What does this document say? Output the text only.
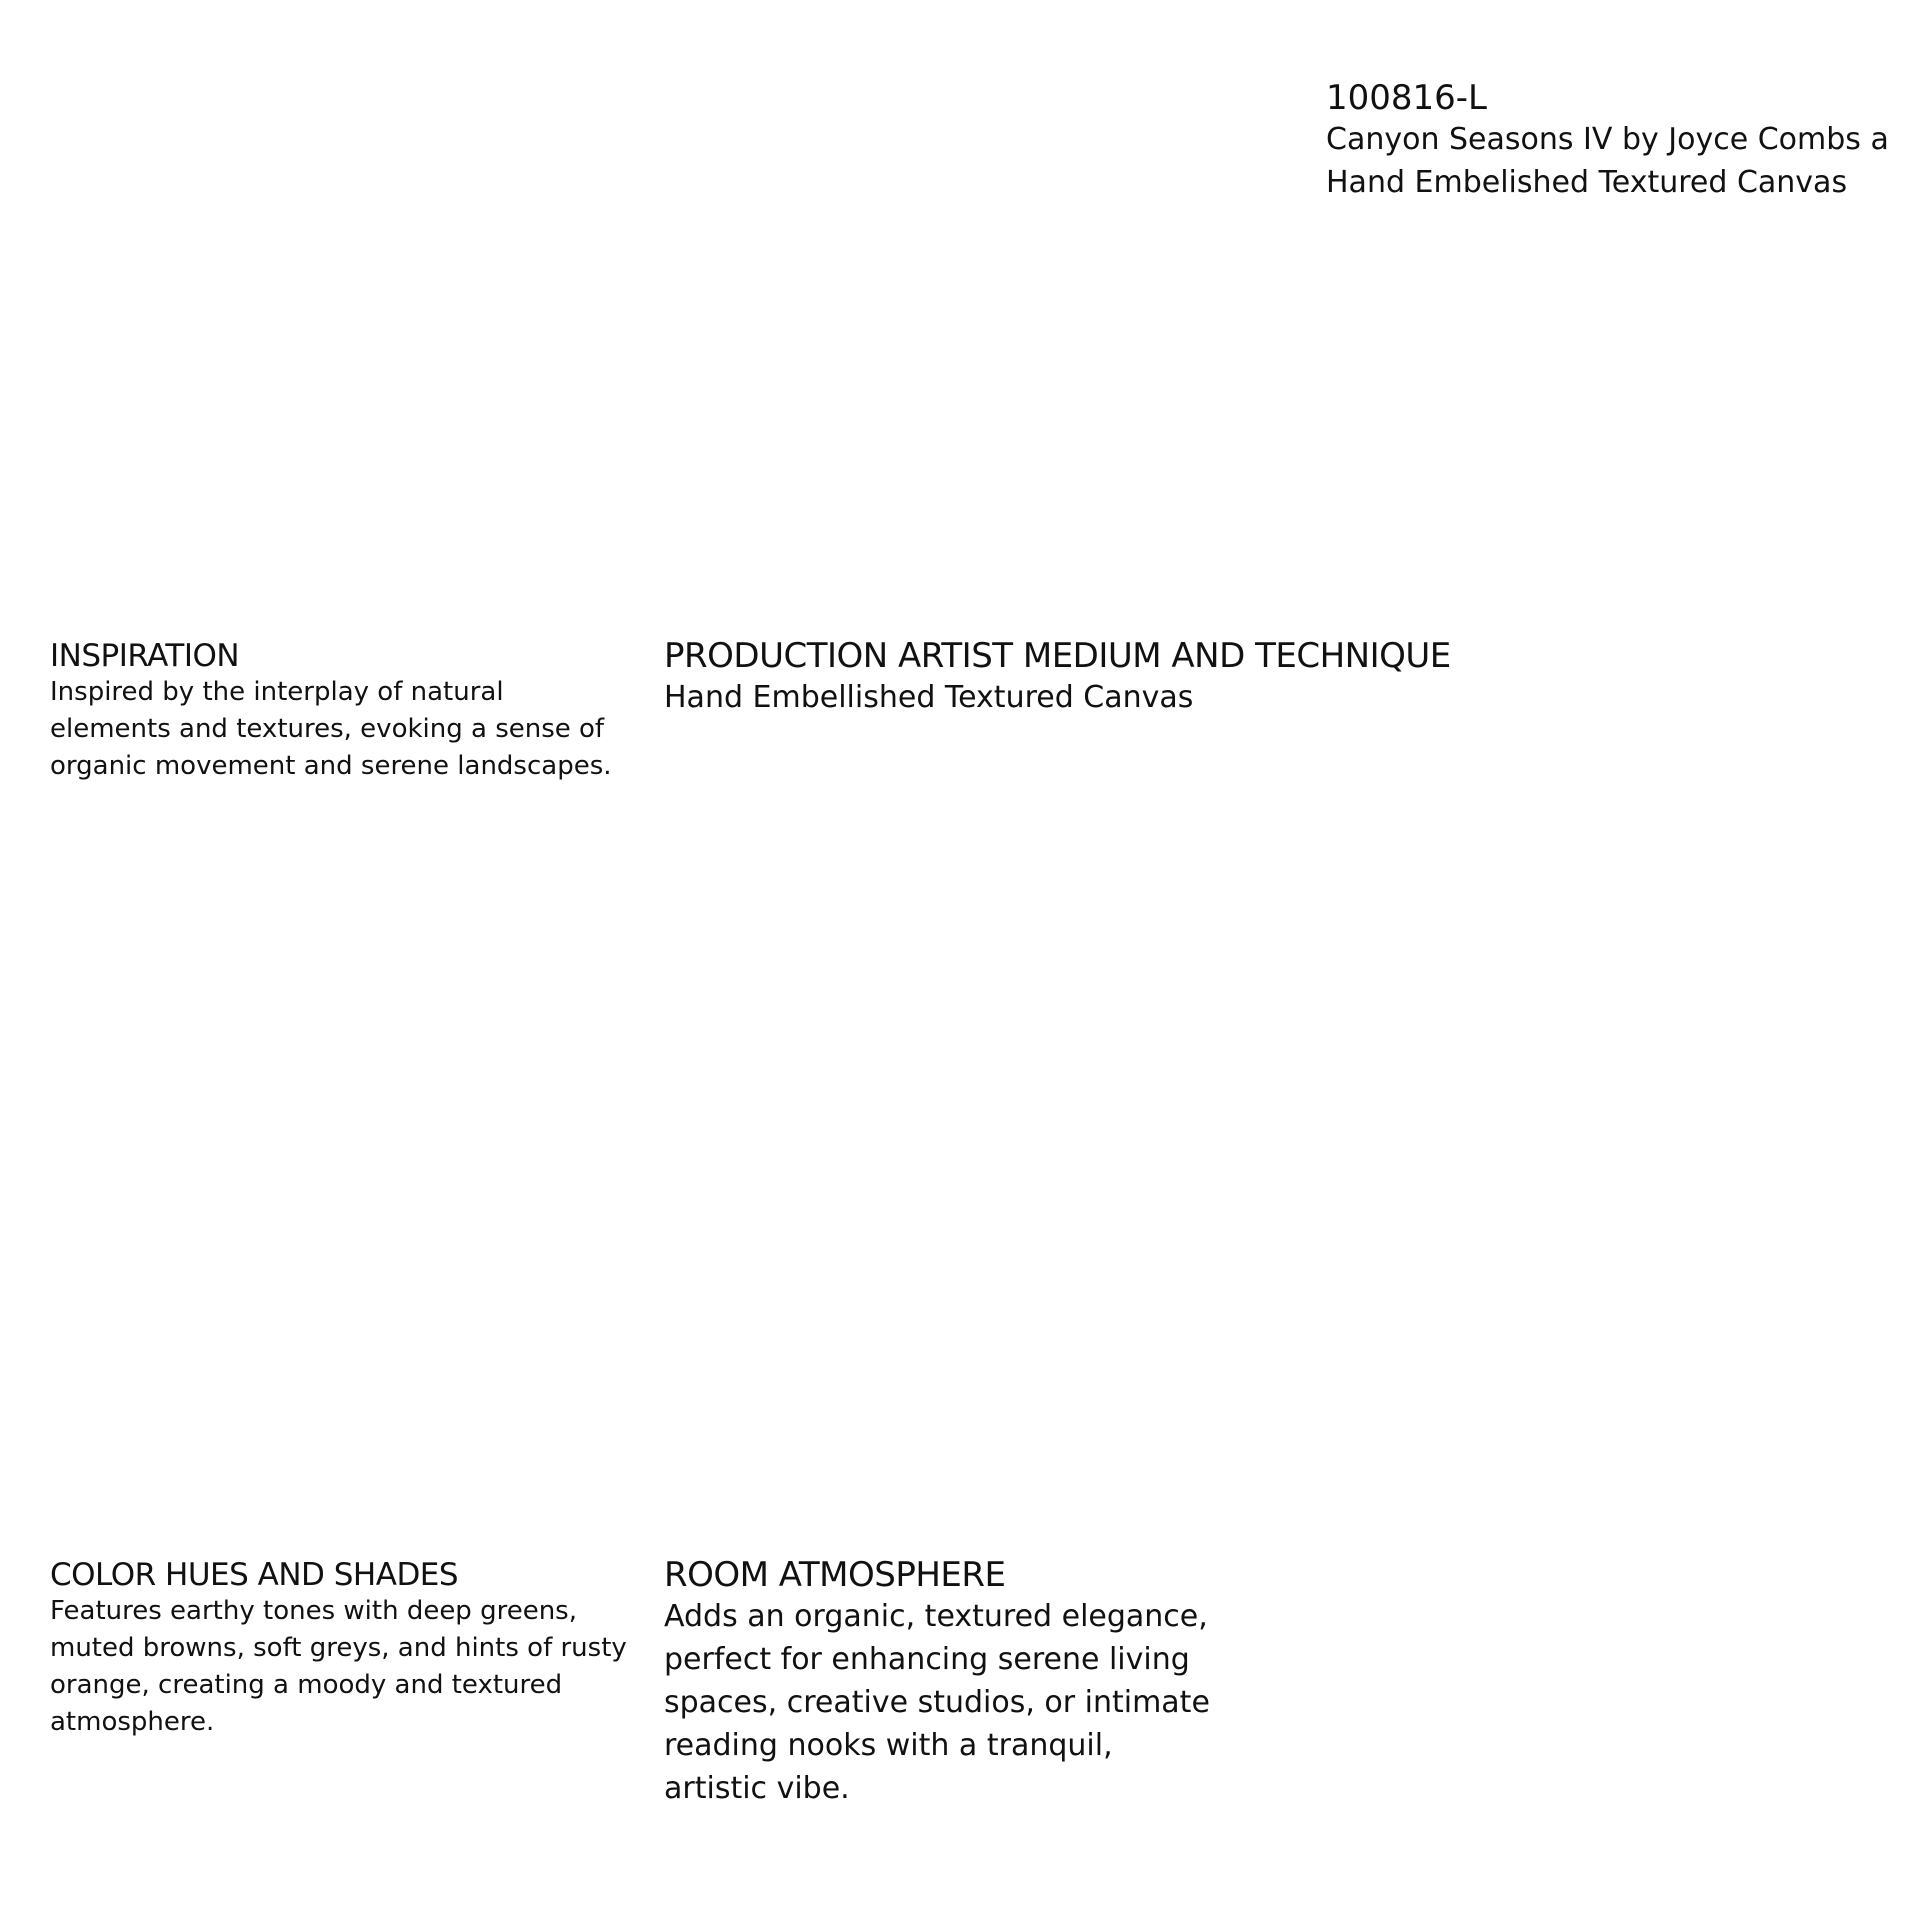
100816-L

Canyon Seasons IV by Joyce Combs a Hand Embelished Textured Canvas

INSPIRATION

Inspired by the interplay of natural elements and textures, evoking a sense of organic movement and serene landscapes.

PRODUCTION ARTIST MEDIUM AND TECHNIQUE

Hand Embellished Textured Canvas

COLOR HUES AND SHADES

Features earthy tones with deep greens, muted browns, soft greys, and hints of rusty orange, creating a moody and textured atmosphere.

ROOM ATMOSPHERE

Adds an organic, textured elegance, perfect for enhancing serene living spaces, creative studios, or intimate reading nooks with a tranquil, artistic vibe.
